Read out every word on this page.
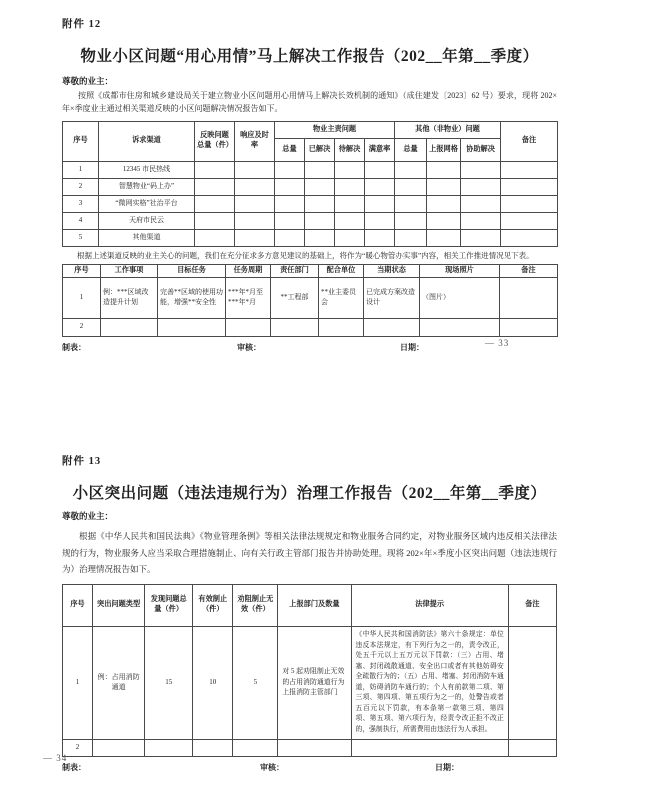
附件 12
物业小区问题“用心用情”马上解决工作报告（202__年第__季度）
尊敬的业主：

按照《成都市住房和城乡建设局关于建立物业小区问题用心用情马上解决长效机制的通知》（成住建发〔2023〕62 号）要求，现将 202×年×季度业主通过相关渠道反映的小区问题解决情况报告如下。

序号	诉求渠道	反映问题总量（件）	响应及时率	物业主责问题				其他（非物业）问题			备注
				总量	已解决	待解决	满意率	总量	上报网格	协助解决	
1	12345 市民热线										
2	智慧物业“码上办”										
3	“微网实格”社治平台										
4	天府市民云										
5	其他渠道										

根据上述渠道反映的业主关心的问题，我们在充分征求多方意见建议的基础上，将作为“暖心物管办实事”内容，相关工作推进情况见下表。

序号	工作事项	目标任务	任务周期	责任部门	配合单位	当期状态	现场照片	备注
1	例：***区域改造提升计划	完善**区域的使用功能，增强**安全性	***年*月至***年*月	**工程部	**业主委员会	已完成方案改造设计	（图片）	
2								
制表：	审核：	日期：	— 33
附件 13
小区突出问题（违法违规行为）治理工作报告（202__年第__季度）
尊敬的业主：

根据《中华人民共和国民法典》《物业管理条例》等相关法律法规规定和物业服务合同约定，对物业服务区域内违反相关法律法规的行为，物业服务人应当采取合理措施制止、向有关行政主管部门报告并协助处理。现将 202×年×季度小区突出问题（违法违规行为）治理情况报告如下。

序号	突出问题类型	发现问题总量（件）	有效制止（件）	劝阻制止无效（件）	上报部门及数量	法律提示	备注
1	例：占用消防通道	15	10	5	对 5 起劝阻制止无效的占用消防通道行为上报消防主管部门	《中华人民共和国消防法》第六十条规定：单位违反本法规定，有下列行为之一的，责令改正，处五千元以上五万元以下罚款：（三）占用、堵塞、封闭疏散通道、安全出口或者有其他妨碍安全疏散行为的；（五）占用、堵塞、封闭消防车通道，妨碍消防车通行的；个人有前款第二项、第三项、第四项、第五项行为之一的，处警告或者五百元以下罚款，有本条第一款第三项、第四项、第五项、第六项行为，经责令改正拒不改正的，强制执行，所需费用由违法行为人承担。	
2							
制表：	审核：	日期：
— 34
